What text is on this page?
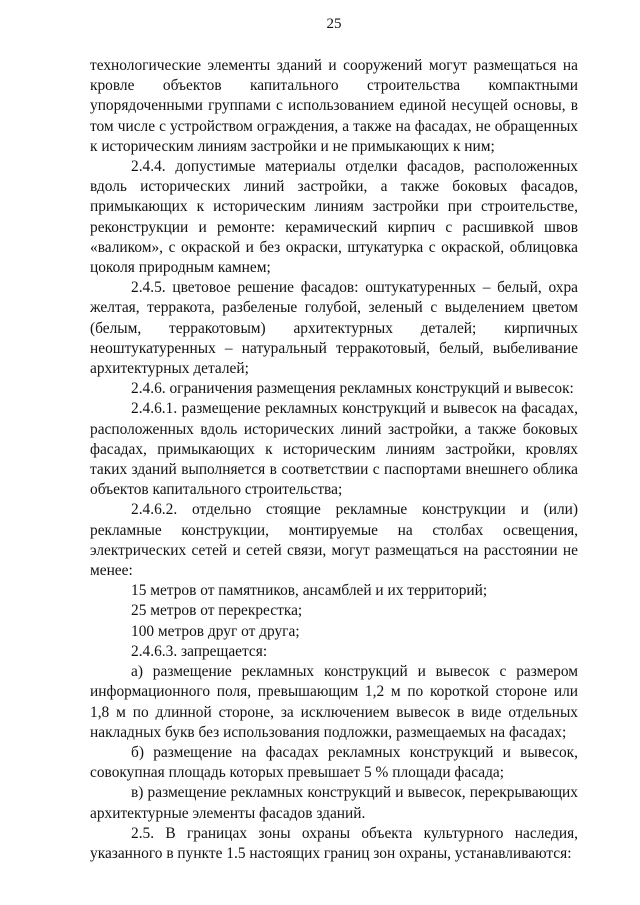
25

технологические элементы зданий и сооружений могут размещаться на кровле объектов капитального строительства компактными упорядоченными группами с использованием единой несущей основы, в том числе с устройством ограждения, а также на фасадах, не обращенных к историческим линиям застройки и не примыкающих к ним;

2.4.4. допустимые материалы отделки фасадов, расположенных вдоль исторических линий застройки, а также боковых фасадов, примыкающих к историческим линиям застройки при строительстве, реконструкции и ремонте: керамический кирпич с расшивкой швов «валиком», с окраской и без окраски, штукатурка с окраской, облицовка цоколя природным камнем;

2.4.5. цветовое решение фасадов: оштукатуренных – белый, охра желтая, терракота, разбеленые голубой, зеленый с выделением цветом (белым, терракотовым) архитектурных деталей; кирпичных неоштукатуренных – натуральный терракотовый, белый, выбеливание архитектурных деталей;

2.4.6. ограничения размещения рекламных конструкций и вывесок:

2.4.6.1. размещение рекламных конструкций и вывесок на фасадах, расположенных вдоль исторических линий застройки, а также боковых фасадах, примыкающих к историческим линиям застройки, кровлях таких зданий выполняется в соответствии с паспортами внешнего облика объектов капитального строительства;

2.4.6.2. отдельно стоящие рекламные конструкции и (или) рекламные конструкции, монтируемые на столбах освещения, электрических сетей и сетей связи, могут размещаться на расстоянии не менее:

15 метров от памятников, ансамблей и их территорий;

25 метров от перекрестка;

100 метров друг от друга;

2.4.6.3. запрещается:

а) размещение рекламных конструкций и вывесок с размером информационного поля, превышающим 1,2 м по короткой стороне или 1,8 м по длинной стороне, за исключением вывесок в виде отдельных накладных букв без использования подложки, размещаемых на фасадах;

б) размещение на фасадах рекламных конструкций и вывесок, совокупная площадь которых превышает 5 % площади фасада;

в) размещение рекламных конструкций и вывесок, перекрывающих архитектурные элементы фасадов зданий.

2.5. В границах зоны охраны объекта культурного наследия, указанного в пункте 1.5 настоящих границ зон охраны, устанавливаются:
